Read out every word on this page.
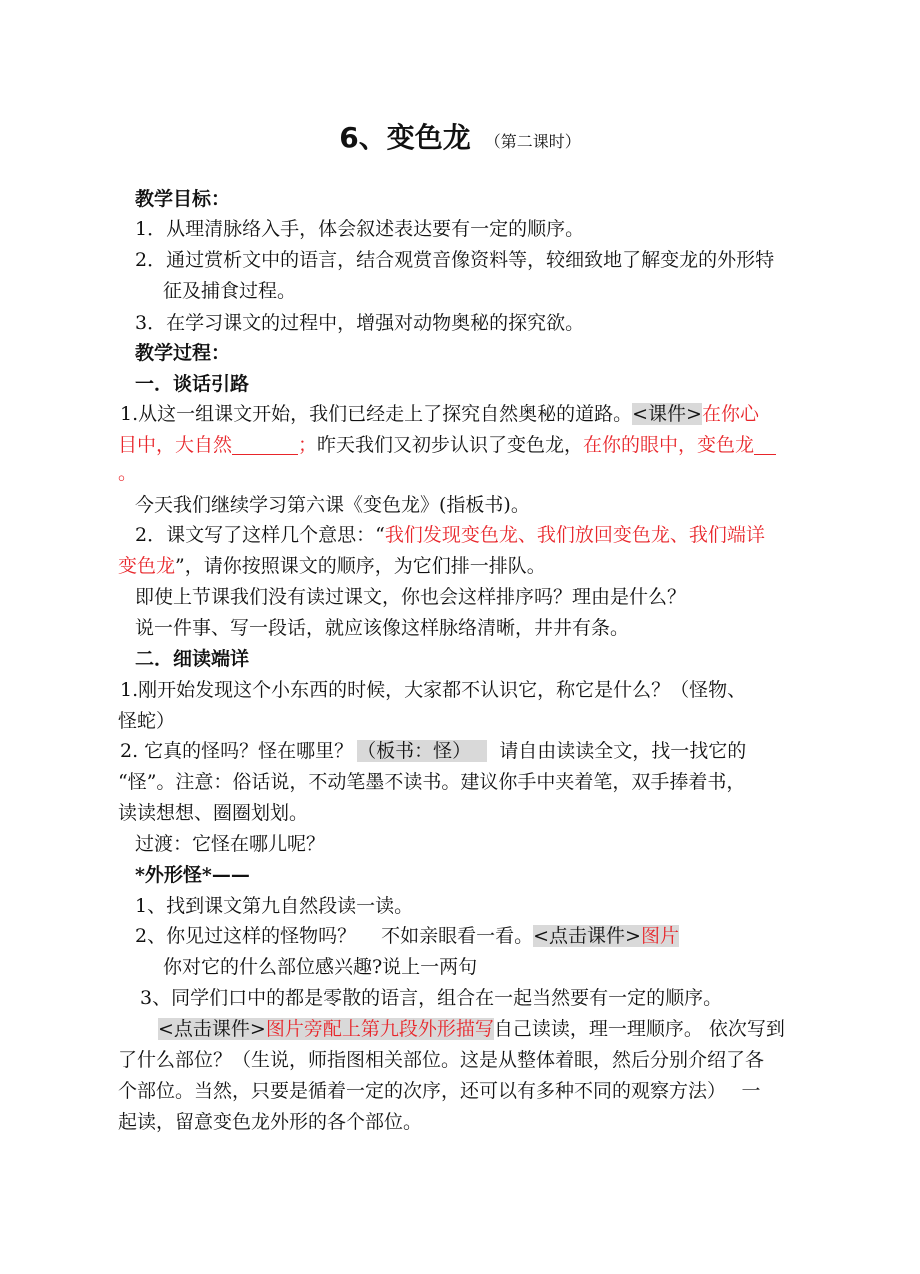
6、变色龙 （第二课时）
教学目标：
1．从理清脉络入手，体会叙述表达要有一定的顺序。
2．通过赏析文中的语言，结合观赏音像资料等，较细致地了解变龙的外形特
征及捕食过程。
3．在学习课文的过程中，增强对动物奥秘的探究欲。
教学过程：
一．谈话引路
1.从这一组课文开始，我们已经走上了探究自然奥秘的道路。<课件>在你心
目中，大自然	；昨天我们又初步认识了变色龙，在你的眼中，变色龙
。
今天我们继续学习第六课《变色龙》(指板书)。
2．课文写了这样几个意思：“我们发现变色龙、我们放回变色龙、我们端详
变色龙”，请你按照课文的顺序，为它们排一排队。
即使上节课我们没有读过课文，你也会这样排序吗？理由是什么？
说一件事、写一段话，就应该像这样脉络清晰，井井有条。
二．细读端详
1.刚开始发现这个小东西的时候，大家都不认识它，称它是什么？（怪物、
怪蛇）
2. 它真的怪吗？怪在哪里？ （板书：怪） 请自由读读全文，找一找它的
“怪”。注意：俗话说，不动笔墨不读书。建议你手中夹着笔，双手捧着书，
读读想想、圈圈划划。
过渡：它怪在哪儿呢？
*外形怪*——
1、找到课文第九自然段读一读。
2、你见过这样的怪物吗？　 不如亲眼看一看。<点击课件>图片
你对它的什么部位感兴趣?说上一两句
3、同学们口中的都是零散的语言，组合在一起当然要有一定的顺序。
<点击课件>图片旁配上第九段外形描写自己读读，理一理顺序。 依次写到
了什么部位？（生说，师指图相关部位。这是从整体着眼，然后分别介绍了各
个部位。当然，只要是循着一定的次序，还可以有多种不同的观察方法）　 一
起读，留意变色龙外形的各个部位。
